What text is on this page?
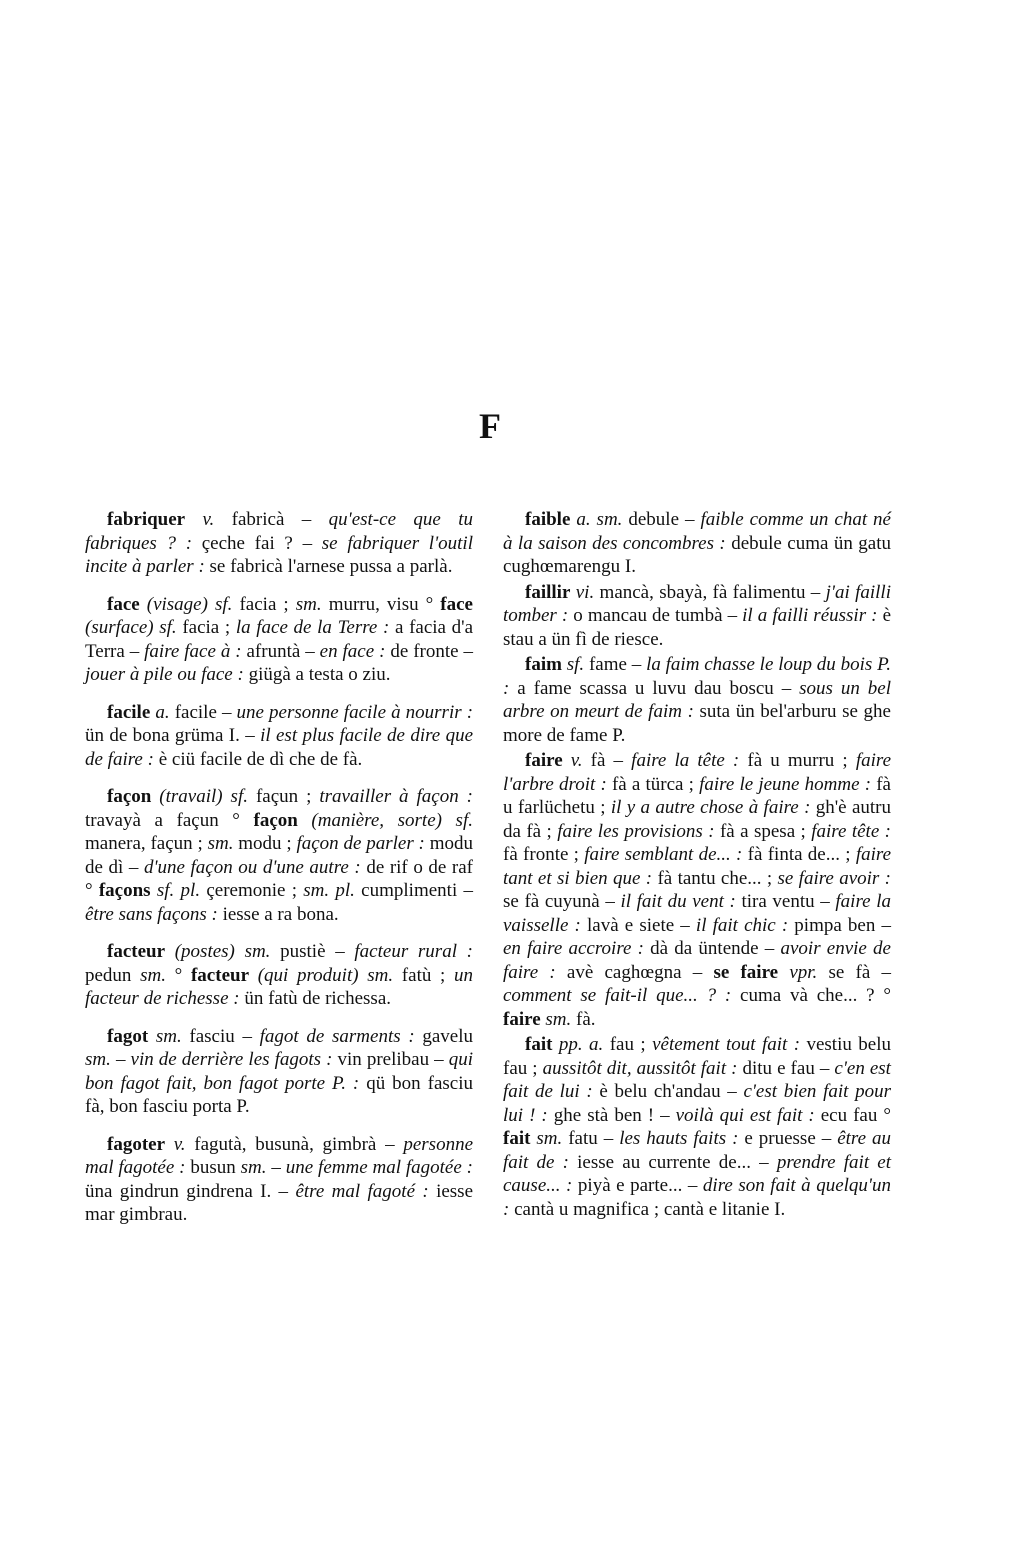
F

fabriquer v. fabricà – qu'est-ce que tu fabriques ? : çeche fai ? – se fabriquer l'outil incite à parler : se fabricà l'arnese pussa a parlà.

face (visage) sf. facia ; sm. murru, visu ° face (surface) sf. facia ; la face de la Terre : a facia d'a Terra – faire face à : afruntà – en face : de fronte – jouer à pile ou face : giügà a testa o ziu.

facile a. facile – une personne facile à nourrir : ün de bona grüma I. – il est plus facile de dire que de faire : è ciü facile de dì che de fà.

façon (travail) sf. façun ; travailler à façon : travayà a façun ° façon (manière, sorte) sf. manera, façun ; sm. modu ; façon de parler : modu de dì – d'une façon ou d'une autre : de rif o de raf ° façons sf. pl. çeremonie ; sm. pl. cumplimenti – être sans façons : iesse a ra bona.

facteur (postes) sm. pustiè – facteur rural : pedun sm. ° facteur (qui produit) sm. fatù ; un facteur de richesse : ün fatù de richessa.

fagot sm. fasciu – fagot de sarments : gavelu sm. – vin de derrière les fagots : vin prelibau – qui bon fagot fait, bon fagot porte P. : qü bon fasciu fà, bon fasciu porta P.

fagoter v. fagutà, busunà, gimbrà – personne mal fagotée : busun sm. – une femme mal fagotée : üna gindrun gindrena I. – être mal fagoté : iesse mar gimbrau.

faible a. sm. debule – faible comme un chat né à la saison des concombres : debule cuma ün gatu cughœmarengu I.

faillir vi. mancà, sbayà, fà falimentu – j'ai failli tomber : o mancau de tumbà – il a failli réussir : è stau a ün fì de riesce.

faim sf. fame – la faim chasse le loup du bois P. : a fame scassa u luvu dau boscu – sous un bel arbre on meurt de faim : suta ün bel'arburu se ghe more de fame P.

faire v. fà – faire la tête : fà u murru ; faire l'arbre droit : fà a türca ; faire le jeune homme : fà u farlüchetu ; il y a autre chose à faire : gh'è autru da fà ; faire les provisions : fà a spesa ; faire tête : fà fronte ; faire semblant de... : fà finta de... ; faire tant et si bien que : fà tantu che... ; se faire avoir : se fà cuyunà – il fait du vent : tira ventu – faire la vaisselle : lavà e siete – il fait chic : pimpa ben – en faire accroire : dà da üntende – avoir envie de faire : avè caghœgna – se faire vpr. se fà – comment se fait-il que... ? : cuma và che... ? ° faire sm. fà.

fait pp. a. fau ; vêtement tout fait : vestiu belu fau ; aussitôt dit, aussitôt fait : ditu e fau – c'en est fait de lui : è belu ch'andau – c'est bien fait pour lui ! : ghe stà ben ! – voilà qui est fait : ecu fau ° fait sm. fatu – les hauts faits : e pruesse – être au fait de : iesse au currente de... – prendre fait et cause... : piyà e parte... – dire son fait à quelqu'un : cantà u magnifica ; cantà e litanie I.
